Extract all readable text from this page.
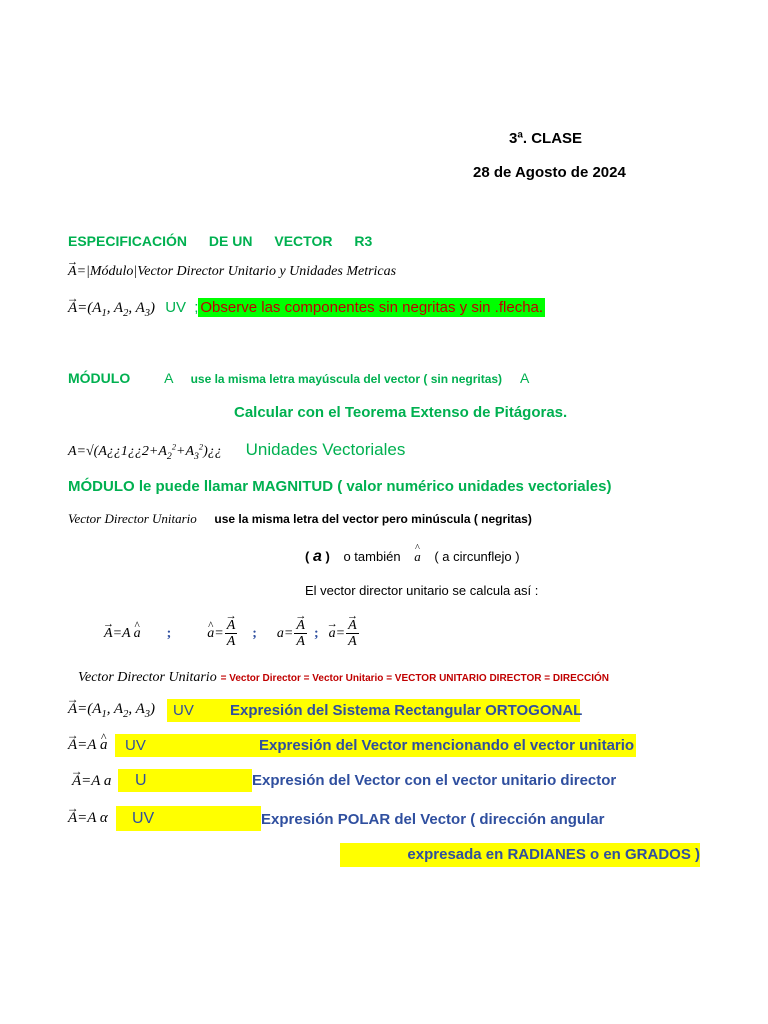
3ª. CLASE
28 de Agosto de 2024
ESPECIFICACIÓN DE UN VECTOR R3
→ A=|Módulo|Vector Director Unitario y Unidades Metricas
→ $A=(A_1$, $A_2$, $A_3$) UV ; Observe las componentes sin negritas y sin .flecha.
MÓDULO A use la misma letra mayúscula del vector ( sin negritas) A
Calcular con el Teorema Extenso de Pitágoras.
$A=√(A¿¿1¿¿2+A_2^2+A_3^2)¿¿$ Unidades Vectoriales
MÓDULO le puede llamar MAGNITUD ( valor numérico unidades vectoriales)
Vector Director Unitario use la misma letra del vector pero minúscula ( negritas)
( a ) o también ^ a ( a circunflejo )
El vector director unitario se calcula así :
→ A =A
^ a ;
^	a =
→ $\frac{A}{A}$ ; a=
→ $\frac{A}{A}$ ;
→ a =
→ $\frac{A}{A}$
Vector Director Unitario = Vector Director = Vector Unitario = VECTOR UNITARIO DIRECTOR = DIRECCIÓN
→ $A=(A_1$, $A_2$, $A_3$)	UV Expresión del Sistema Rectangular ORTOGONAL
→ A=A ^ a	UV	Expresión del Vector mencionando el vector unitario
→ A=A a	U	Expresión del Vector con el vector unitario director
→ A=A α	UV	Expresión POLAR del Vector ( dirección angular
expresada en RADIANES o en GRADOS )
